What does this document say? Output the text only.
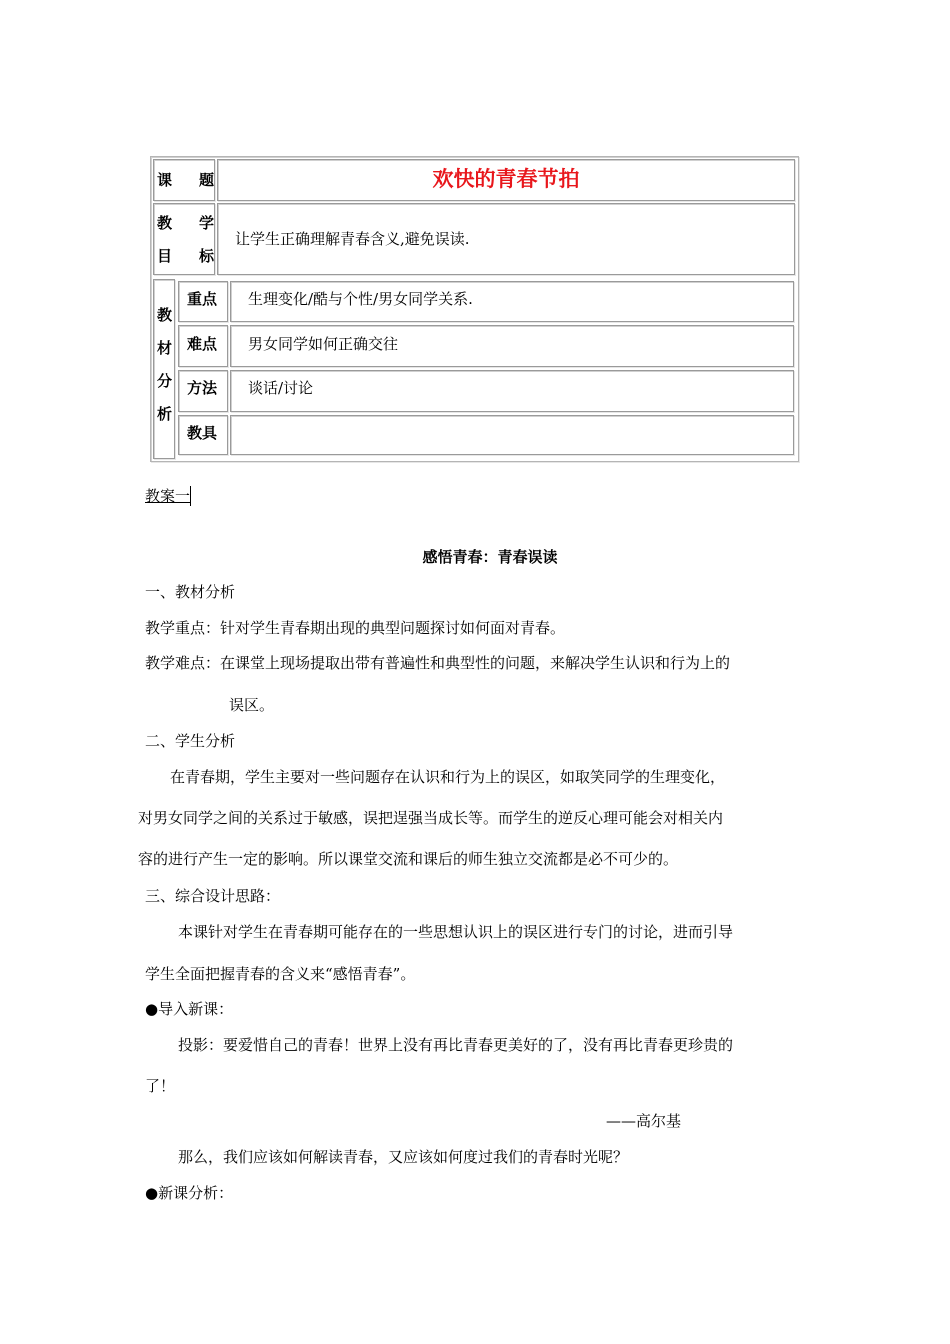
课 题	欢快的青春节拍
教 学
目 标
让学生正确理解青春含义,避免误读.
教
材
分
析
重点 生理变化/酷与个性/男女同学关系.
难点 男女同学如何正确交往
方法 谈话/讨论
教具
教案一
感悟青春：青春误读
一、教材分析
教学重点：针对学生青春期出现的典型问题探讨如何面对青春。
教学难点：在课堂上现场提取出带有普遍性和典型性的问题，来解决学生认识和行为上的
误区。
二、学生分析
在青春期，学生主要对一些问题存在认识和行为上的误区，如取笑同学的生理变化，
对男女同学之间的关系过于敏感，误把逞强当成长等。而学生的逆反心理可能会对相关内
容的进行产生一定的影响。所以课堂交流和课后的师生独立交流都是必不可少的。
三、综合设计思路：
本课针对学生在青春期可能存在的一些思想认识上的误区进行专门的讨论，进而引导
学生全面把握青春的含义来“感悟青春”。
●导入新课：
投影：要爱惜自己的青春！世界上没有再比青春更美好的了，没有再比青春更珍贵的
了！
——高尔基
那么，我们应该如何解读青春，又应该如何度过我们的青春时光呢？
●新课分析：
